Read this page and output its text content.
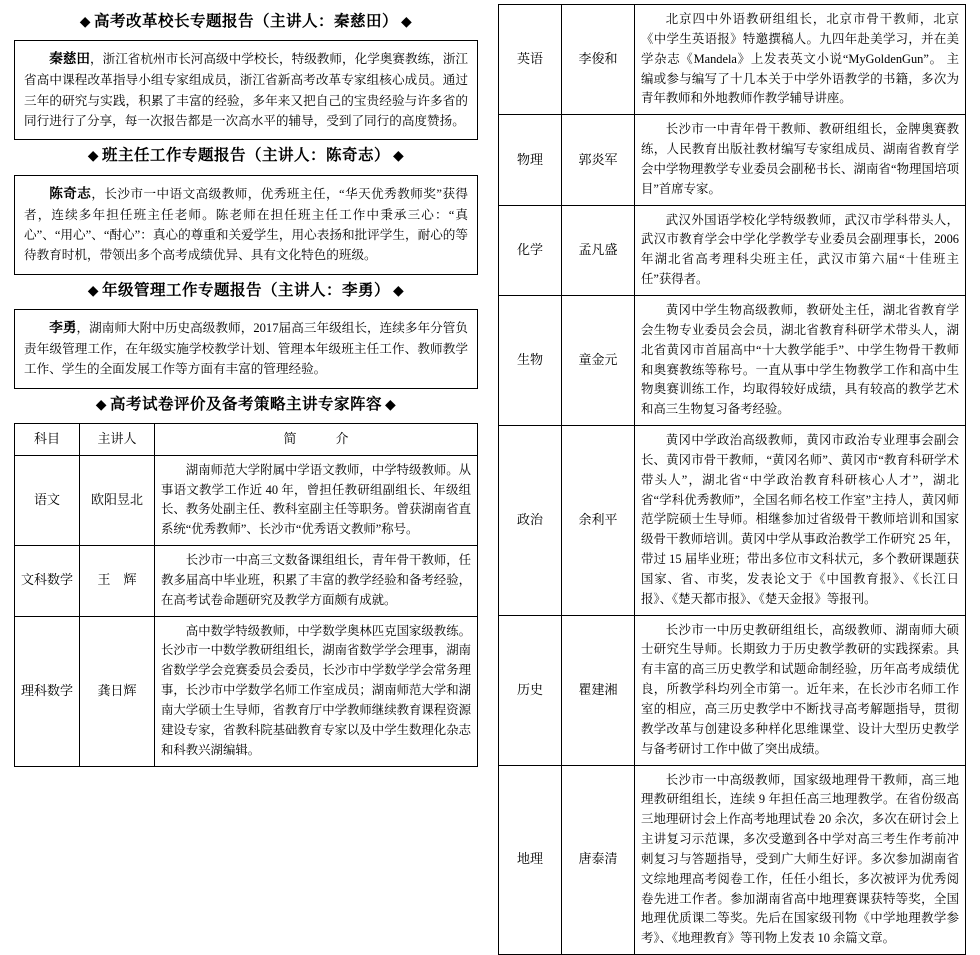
◆ 高考改革校长专题报告（主讲人：秦慈田） ◆

秦慈田，浙江省杭州市长河高级中学校长，特级教师，化学奥赛教练，浙江省高中课程改革指导小组专家组成员，浙江省新高考改革专家组核心成员。通过三年的研究与实践，积累了丰富的经验，多年来又把自己的宝贵经验与许多省的同行进行了分享，每一次报告都是一次高水平的辅导，受到了同行的高度赞扬。

◆ 班主任工作专题报告（主讲人：陈奇志） ◆

陈奇志，长沙市一中语文高级教师，优秀班主任，“华天优秀教师奖”获得者，连续多年担任班主任老师。陈老师在担任班主任工作中秉承三心：“真心”、“用心”、“酎心”：真心的尊重和关爱学生，用心表扬和批评学生，耐心的等待教育时机，带领出多个高考成绩优异、具有文化特色的班级。

◆ 年级管理工作专题报告（主讲人：李勇） ◆

李勇，湖南师大附中历史高级教师，2017届高三年级组长，连续多年分管负责年级管理工作，在年级实施学校教学计划、管理本年级班主任工作、教师教学工作、学生的全面发展工作等方面有丰富的管理经验。

◆ 高考试卷评价及备考策略主讲专家阵容 ◆
科目	主讲人	简　　　介
语文	欧阳昱北	湖南师范大学附属中学语文教师，中学特级教师。从事语文教学工作近 40 年，曾担任教研组副组长、年级组长、教务处副主任、教科室副主任等职务。曾获湖南省直系统“优秀教师”、长沙市“优秀语文教师”称号。
文科数学	王　辉	长沙市一中高三文数备课组组长，青年骨干教师，任教多届高中毕业班，积累了丰富的教学经验和备考经验，在高考试卷命题研究及教学方面颇有成就。
理科数学	龚日辉	高中数学特级教师，中学数学奥林匹克国家级教练。长沙市一中数学教研组组长，湖南省数学学会理事，湖南省数学学会竞赛委员会委员，长沙市中学数学学会常务理事，长沙市中学数学名师工作室成员；湖南师范大学和湖南大学硕士生导师，省教育厅中学教师继续教育课程资源建设专家，省教科院基础教育专家以及中学生数理化杂志和科教兴湖编辑。
英语	李俊和	北京四中外语教研组组长，北京市骨干教师，北京《中学生英语报》特邀撰稿人。九四年赴美学习，并在美学杂志《Mandela》上发表英文小说“MyGoldenGun”。 主编或参与编写了十几本关于中学外语教学的书籍，多次为青年教师和外地教师作教学辅导讲座。
物理	郭炎军	长沙市一中青年骨干教师、教研组组长，金牌奥赛教练，人民教育出版社教材编写专家组成员、湖南省教育学会中学物理教学专业委员会副秘书长、湖南省“物理国培项目”首席专家。
化学	孟凡盛	武汉外国语学校化学特级教师，武汉市学科带头人，武汉市教育学会中学化学教学专业委员会副理事长，2006 年湖北省高考理科尖班主任，武汉市第六届“十佳班主任”获得者。
生物	童金元	黄冈中学生物高级教师，教研处主任，湖北省教育学会生物专业委员会会员，湖北省教育科研学术带头人，湖北省黄冈市首届高中“十大教学能手”、中学生物骨干教师和奥赛教练等称号。一直从事中学生物教学工作和高中生物奥赛训练工作，均取得较好成绩，具有较高的教学艺术和高三生物复习备考经验。
政治	余利平	黄冈中学政治高级教师，黄冈市政治专业理事会副会长、黄冈市骨干教师，“黄冈名师”、黄冈市“教育科研学术带头人”，湖北省“中学政治教育科研核心人才”，湖北省“学科优秀教师”，全国名师名校工作室”主持人，黄冈师范学院硕士生导师。相继参加过省级骨干教师培训和国家级骨干教师培训。黄冈中学从事政治教学工作研究 25 年，带过 15 届毕业班；带出多位市文科状元，多个教研课题获国家、省、市奖，发表论文于《中国教育报》、《长江日报》、《楚天都市报》、《楚天金报》等报刊。
历史	瞿建湘	长沙市一中历史教研组组长，高级教师、湖南师大硕士研究生导师。长期致力于历史教学教研的实践探索。具有丰富的高三历史教学和试题命制经验，历年高考成绩优良，所教学科均列全市第一。近年来，在长沙市名师工作室的相应，高三历史教学中不断找寻高考解题指导，贯彻教学改革与创建设多种样化思维课堂、设计大型历史教学与备考研讨工作中做了突出成绩。
地理	唐泰清	长沙市一中高级教师，国家级地理骨干教师，高三地理教研组组长，连续 9 年担任高三地理教学。在省份级高三地理研讨会上作高考地理试卷 20 余次，多次在研讨会上主讲复习示范课，多次受邀到各中学对高三考生作考前冲刺复习与答题指导，受到广大师生好评。多次参加湖南省文综地理高考阅卷工作，任任小组长，多次被评为优秀阅卷先进工作者。参加湖南省高中地理赛课获特等奖，全国地理优质课二等奖。先后在国家级刊物《中学地理教学参考》、《地理教育》等刊物上发表 10 余篇文章。
